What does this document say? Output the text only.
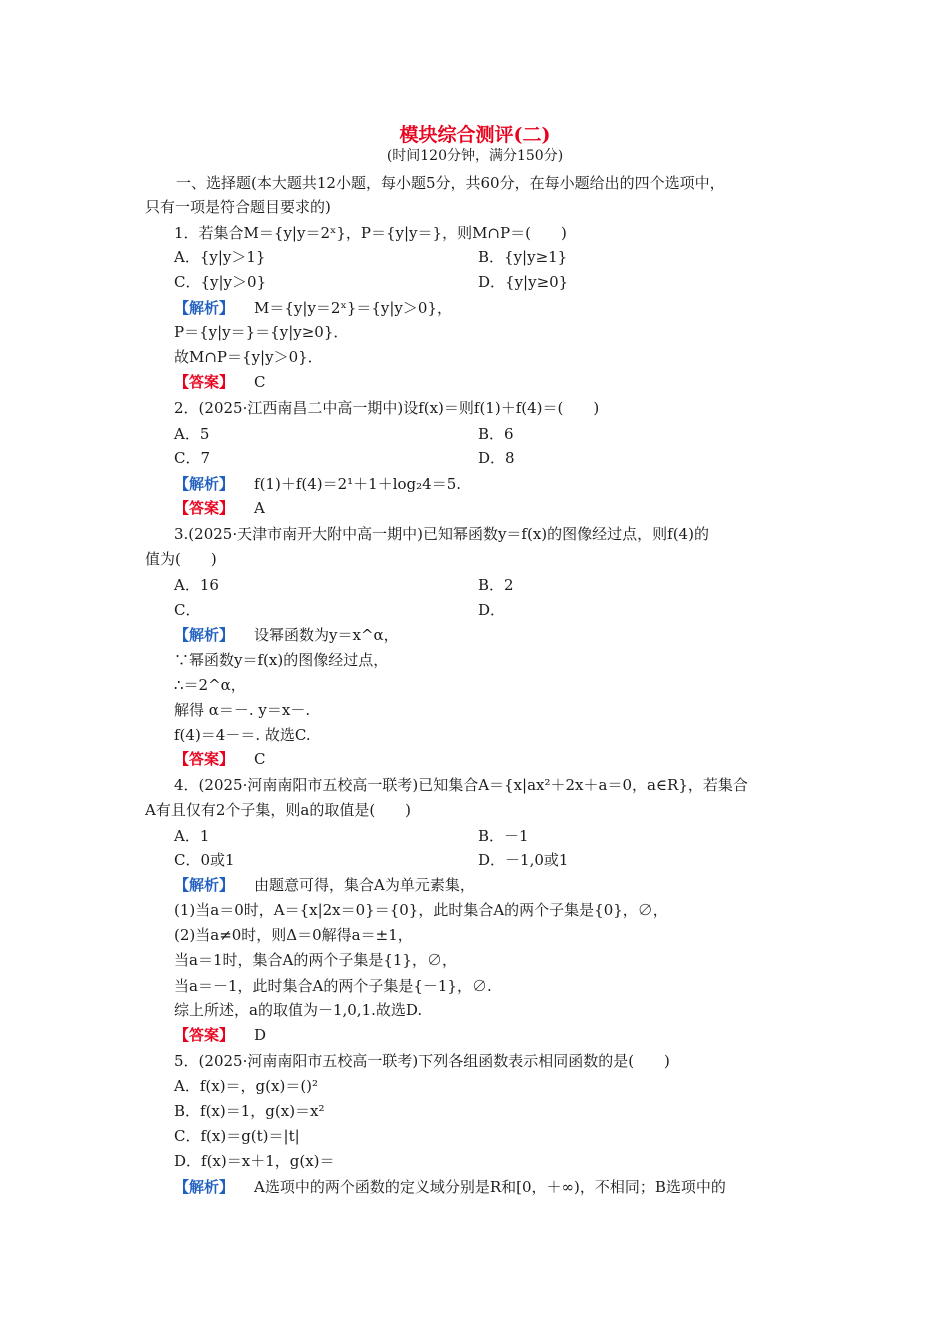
模块综合测评(二)
(时间120分钟，满分150分)
一、选择题(本大题共12小题，每小题5分，共60分，在每小题给出的四个选项中，
只有一项是符合题目要求的)
1．若集合M＝{y|y＝2ˣ}，P＝{y|y＝}，则M∩P＝(　　)
A．{y|y＞1}	B．{y|y≥1}
C．{y|y＞0}	D．{y|y≥0}
【解析】 M＝{y|y＝2ˣ}＝{y|y＞0}，
P＝{y|y＝}＝{y|y≥0}．
故M∩P＝{y|y＞0}．
【答案】 C
2．(2025·江西南昌二中高一期中)设f(x)＝则f(1)＋f(4)＝(　　)
A．5	B．6
C．7	D．8
【解析】 f(1)＋f(4)＝2¹＋1＋log₂4＝5.
【答案】 A
3.(2025·天津市南开大附中高一期中)已知幂函数y＝f(x)的图像经过点，则f(4)的
值为(　　)
A．16	B．2
C．	D．
【解析】 设幂函数为y＝x^α，
∵幂函数y＝f(x)的图像经过点，
∴＝2^α，
解得 α＝－. y＝x－.
f(4)＝4－＝. 故选C.
【答案】 C
4．(2025·河南南阳市五校高一联考)已知集合A＝{x|ax²＋2x＋a＝0，a∈R}，若集合
A有且仅有2个子集，则a的取值是(　　)
A．1	B．－1
C．0或1	D．－1,0或1
【解析】 由题意可得，集合A为单元素集，
(1)当a＝0时，A＝{x|2x＝0}＝{0}，此时集合A的两个子集是{0}，∅，
(2)当a≠0时，则Δ＝0解得a＝±1，
当a＝1时，集合A的两个子集是{1}，∅，
当a＝－1，此时集合A的两个子集是{－1}，∅.
综上所述，a的取值为－1,0,1.故选D.
【答案】 D
5．(2025·河南南阳市五校高一联考)下列各组函数表示相同函数的是(　　)
A．f(x)＝，g(x)＝()²
B．f(x)＝1，g(x)＝x²
C．f(x)＝g(t)＝|t|
D．f(x)＝x＋1，g(x)＝
【解析】 A选项中的两个函数的定义域分别是R和[0，＋∞)，不相同；B选项中的
